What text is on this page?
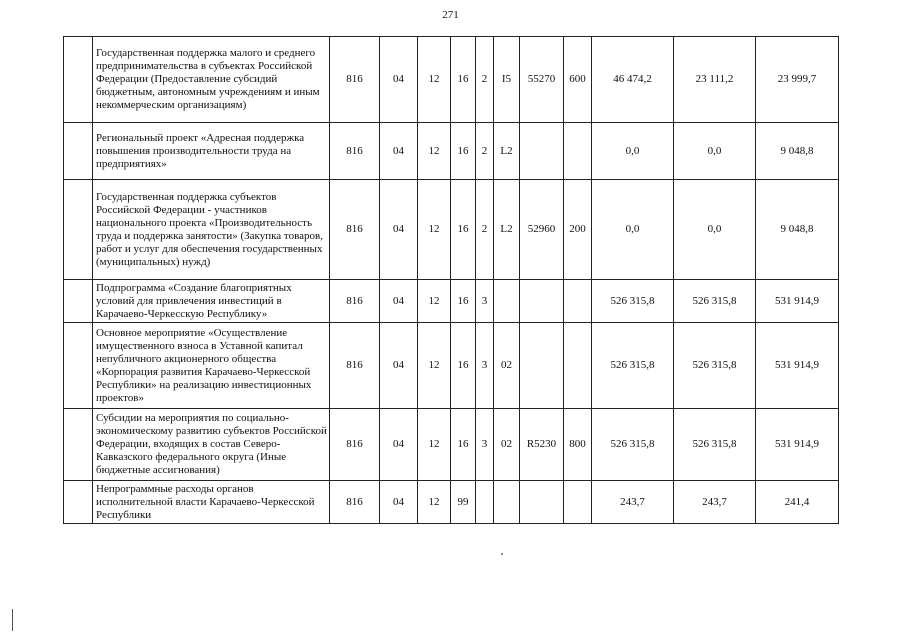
271
	Государственная поддержка малого и среднего предпринимательства в субъектах Российской Федерации (Предоставление субсидий бюджетным, автономным учреждениям и иным некоммерческим организациям)	816	04	12	16	2	I5	55270	600	46 474,2	23 111,2	23 999,7
	Региональный проект «Адресная поддержка повышения производительности труда на предприятиях»	816	04	12	16	2	L2			0,0	0,0	9 048,8
	Государственная поддержка субъектов Российской Федерации - участников национального проекта «Производительность труда и поддержка занятости» (Закупка товаров, работ и услуг для обеспечения государственных (муниципальных) нужд)	816	04	12	16	2	L2	52960	200	0,0	0,0	9 048,8
	Подпрограмма «Создание благоприятных условий для привлечения инвестиций в Карачаево-Черкесскую Республику»	816	04	12	16	3				526 315,8	526 315,8	531 914,9
	Основное мероприятие «Осуществление имущественного взноса в Уставной капитал непубличного акционерного общества «Корпорация развития Карачаево-Черкесской Республики» на реализацию инвестиционных проектов»	816	04	12	16	3	02			526 315,8	526 315,8	531 914,9
	Субсидии на мероприятия по социально-экономическому развитию субъектов Российской Федерации, входящих в состав Северо-Кавказского федерального округа (Иные бюджетные ассигнования)	816	04	12	16	3	02	R5230	800	526 315,8	526 315,8	531 914,9
	Непрограммные расходы органов исполнительной власти Карачаево-Черкесской Республики	816	04	12	99					243,7	243,7	241,4
